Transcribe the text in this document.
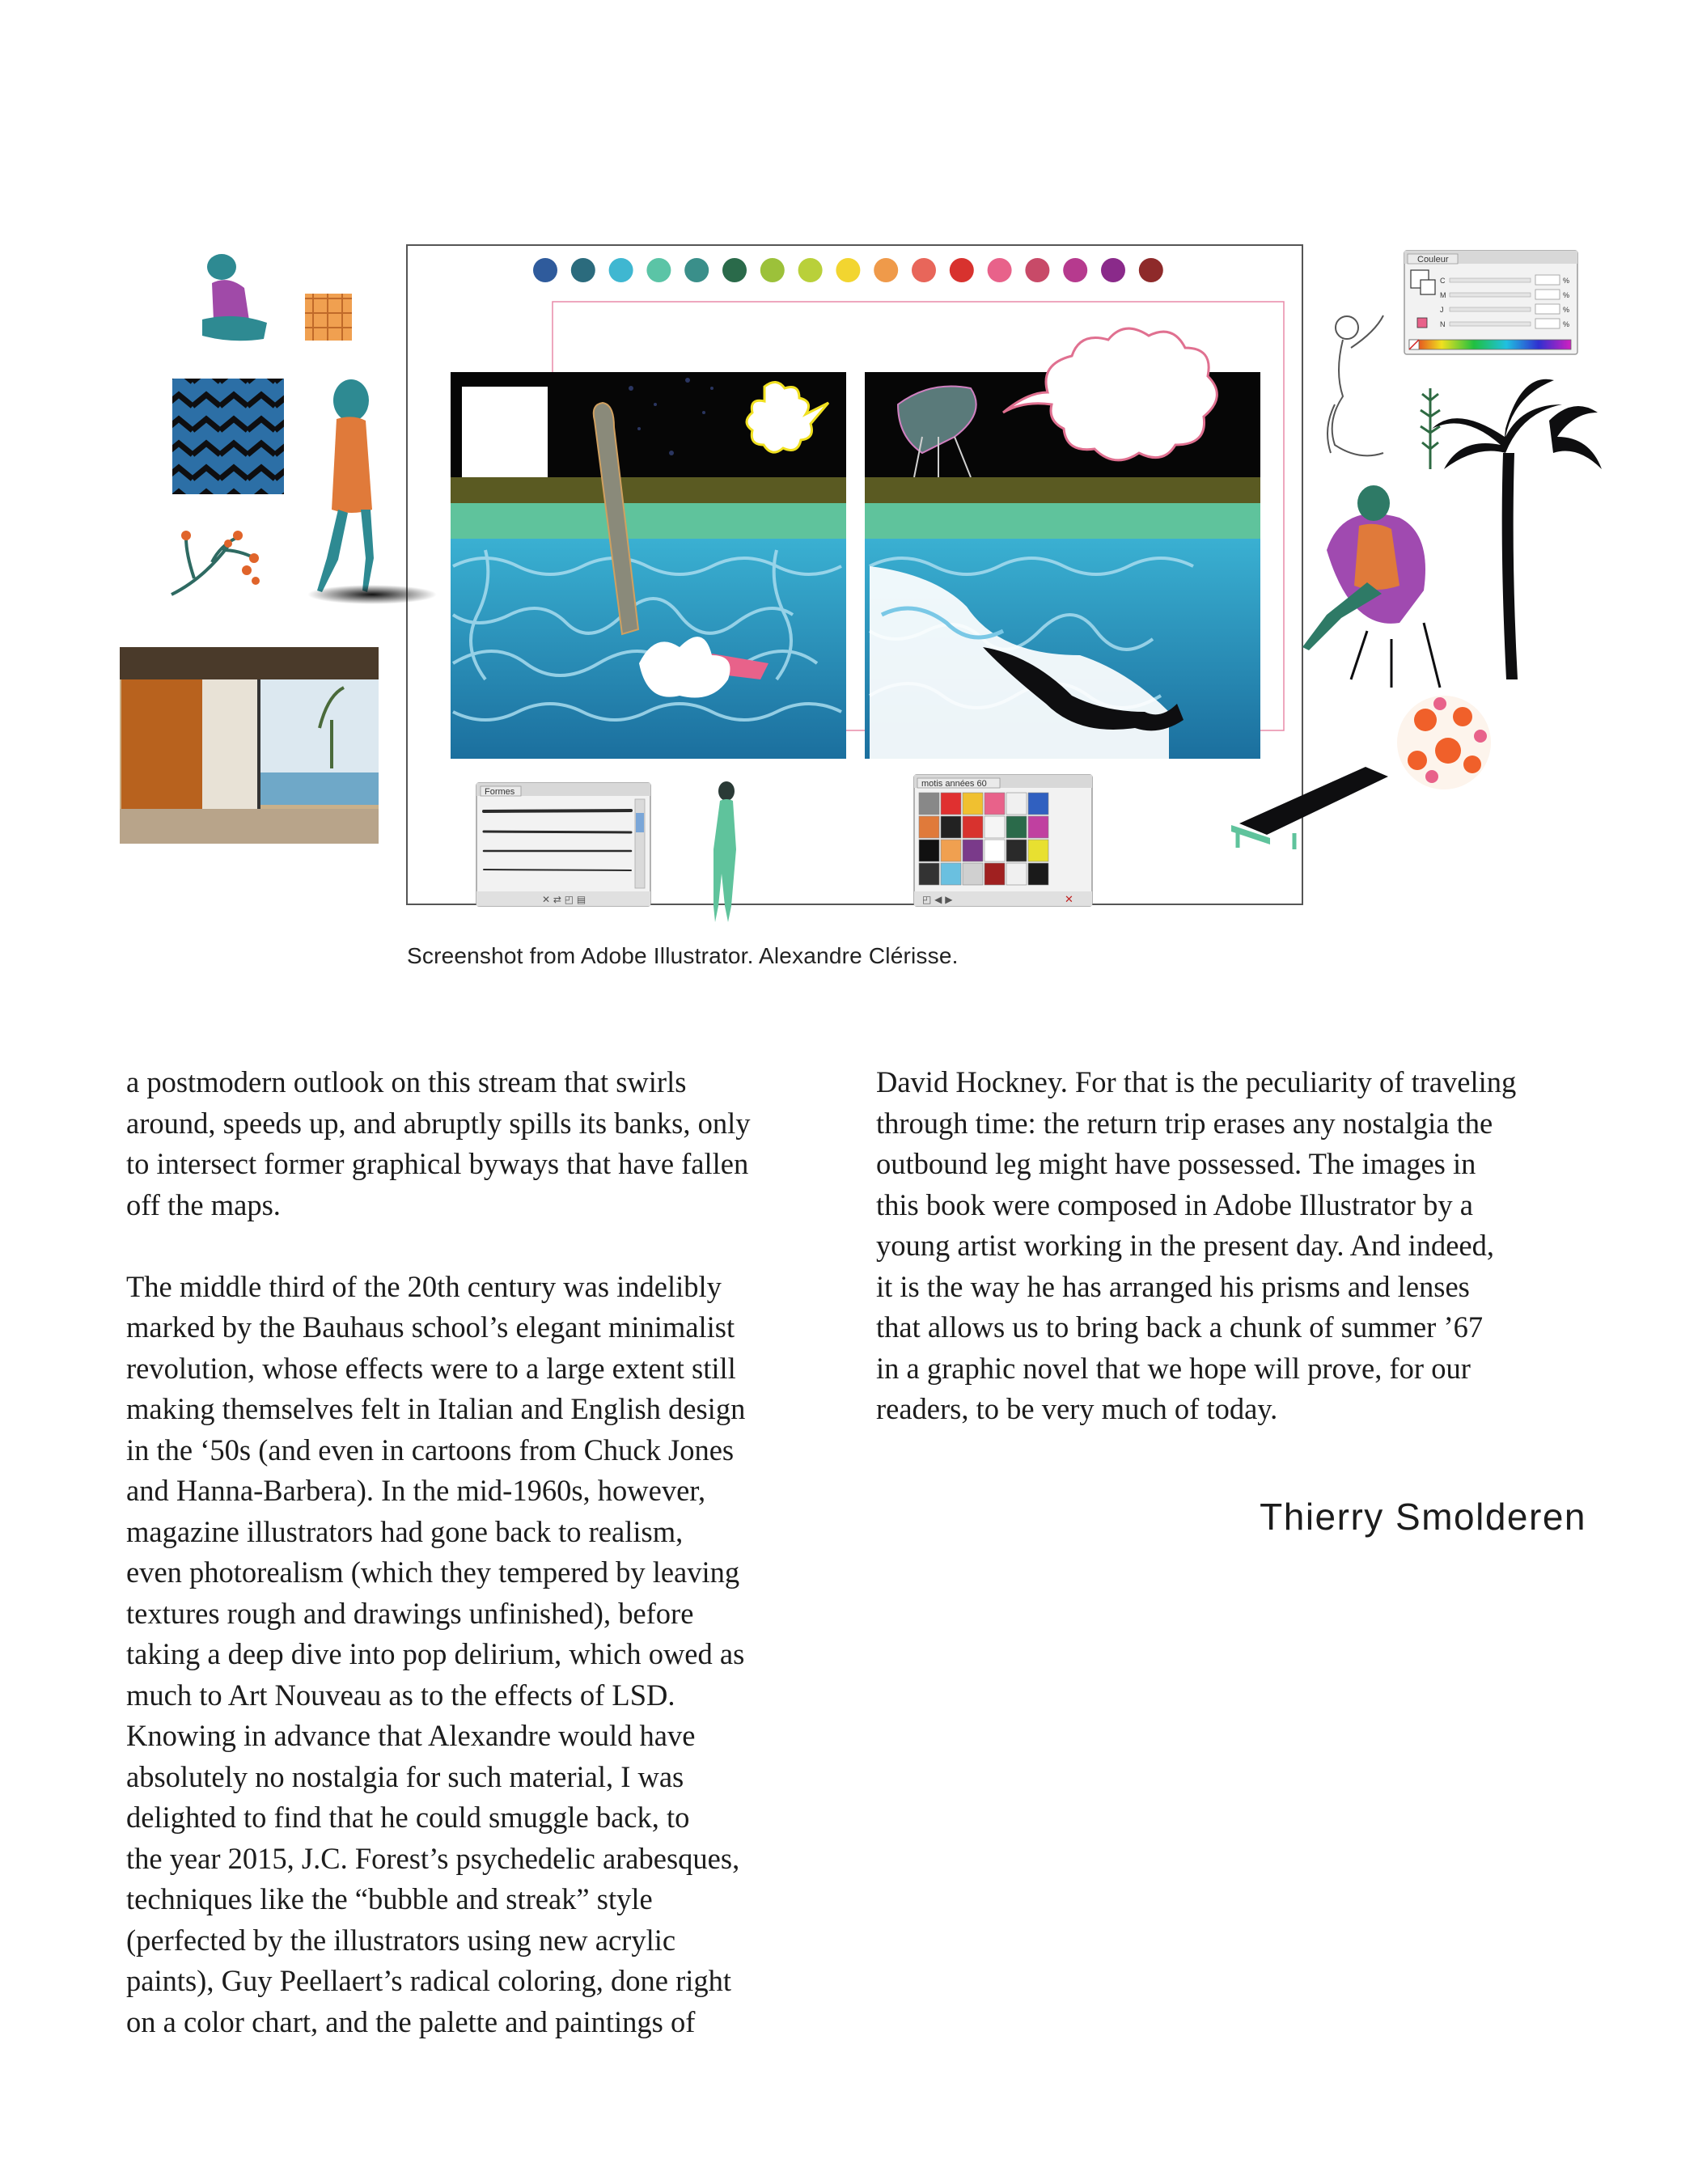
Formes
✕ ⇄ ◰ ▤
motis années 60
◰ ◀ ▶	✕
Couleur
C	%
M	%
J	%
N	%
Screenshot from Adobe Illustrator. Alexandre Clérisse.

a postmodern outlook on this stream that swirls
around, speeds up, and abruptly spills its banks, only
to intersect former graphical byways that have fallen
off the maps.

The middle third of the 20th century was indelibly
marked by the Bauhaus school’s elegant minimalist
revolution, whose effects were to a large extent still
making themselves felt in Italian and English design
in the ‘50s (and even in cartoons from Chuck Jones
and Hanna-Barbera). In the mid-1960s, however,
magazine illustrators had gone back to realism,
even photorealism (which they tempered by leaving
textures rough and drawings unfinished), before
taking a deep dive into pop delirium, which owed as
much to Art Nouveau as to the effects of LSD.
Knowing in advance that Alexandre would have
absolutely no nostalgia for such material, I was
delighted to find that he could smuggle back, to
the year 2015, J.C. Forest’s psychedelic arabesques,
techniques like the “bubble and streak” style
(perfected by the illustrators using new acrylic
paints), Guy Peellaert’s radical coloring, done right
on a color chart, and the palette and paintings of

David Hockney. For that is the peculiarity of traveling
through time: the return trip erases any nostalgia the
outbound leg might have possessed. The images in
this book were composed in Adobe Illustrator by a
young artist working in the present day. And indeed,
it is the way he has arranged his prisms and lenses
that allows us to bring back a chunk of summer ’67
in a graphic novel that we hope will prove, for our
readers, to be very much of today.

Thierry Smolderen
